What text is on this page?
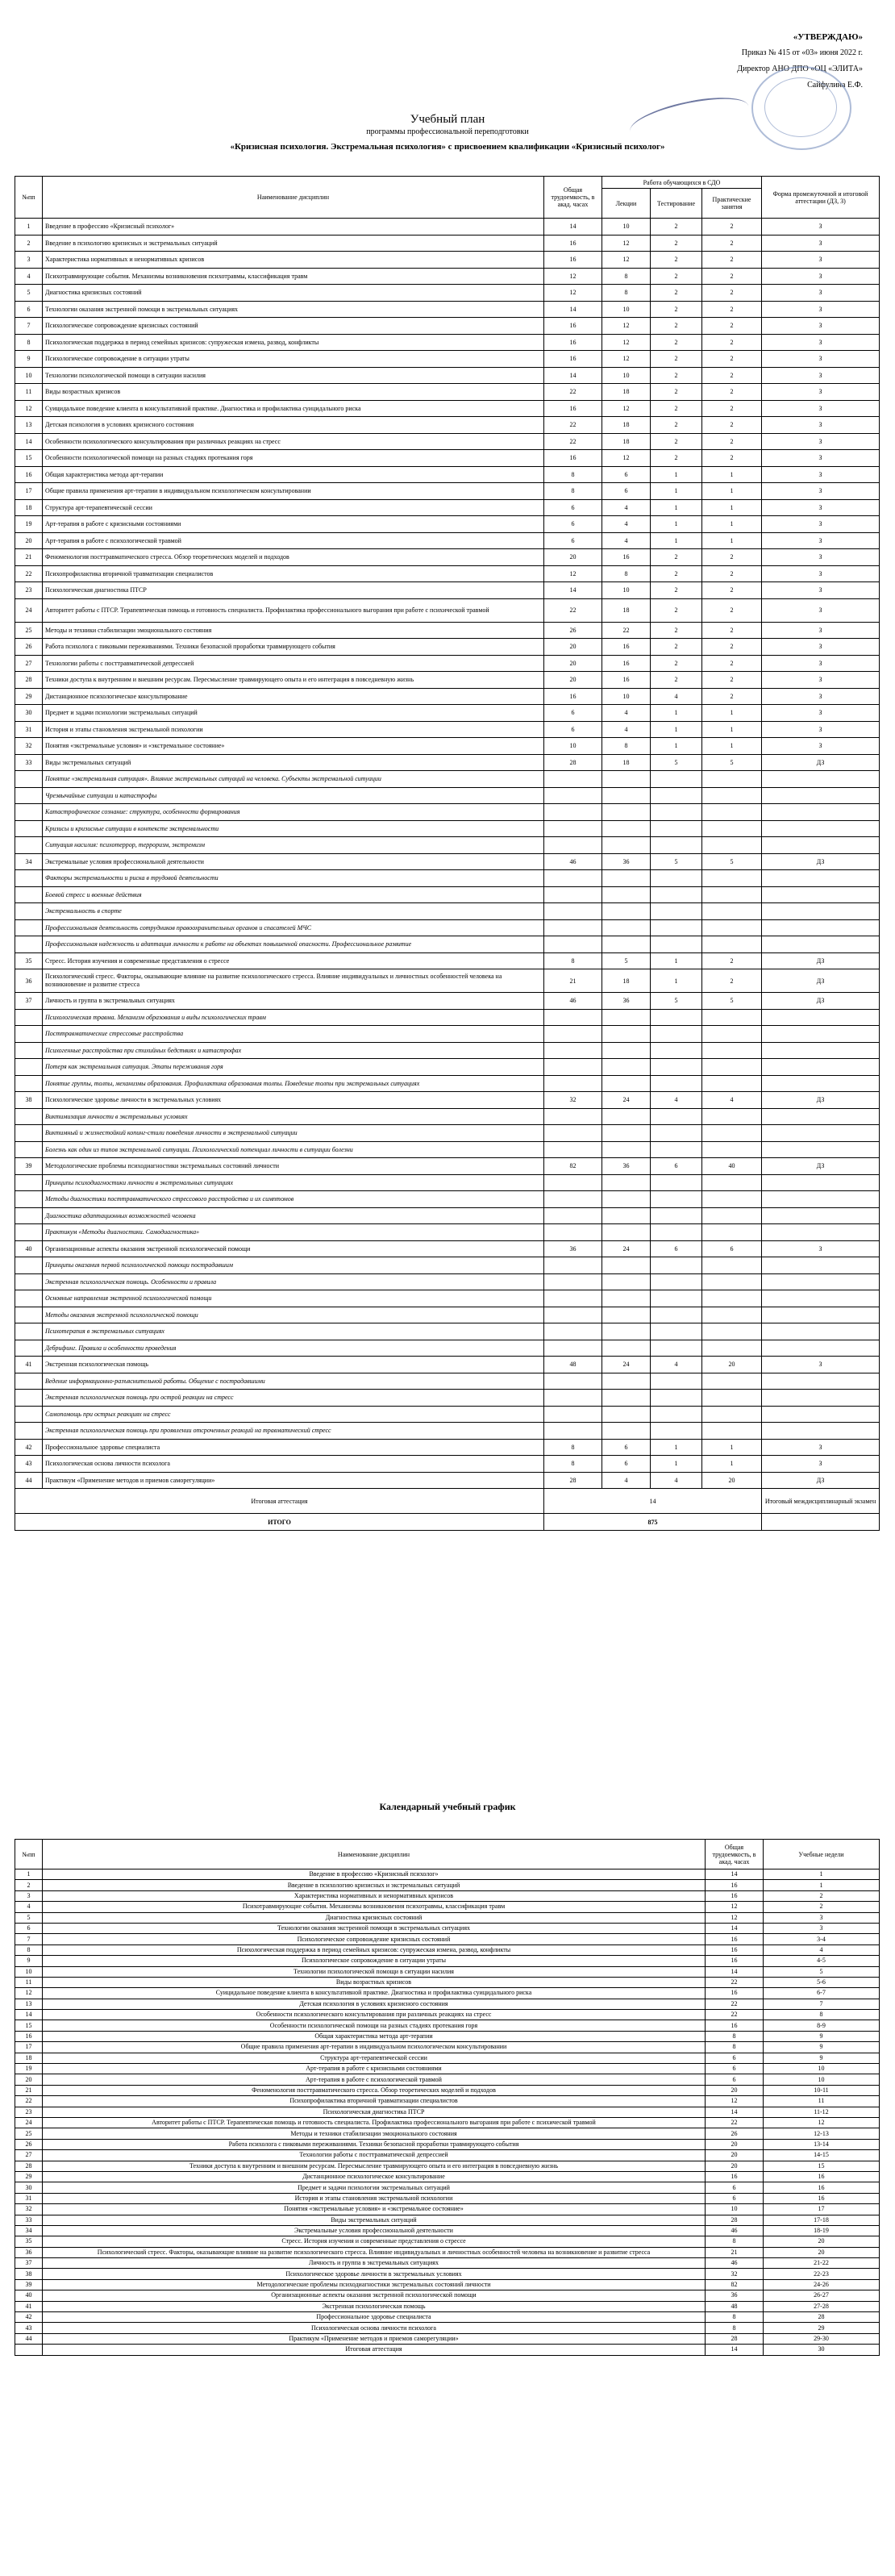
«УТВЕРЖДАЮ»
Приказ № 415 от «03» июня 2022 г.
Директор АНО ДПО «ОЦ «ЭЛИТА»
Сайфулина Е.Ф.
Учебный план
программы профессиональной переподготовки
«Кризисная психология. Экстремальная психология» с присвоением квалификации «Кризисный психолог»
№пп	Наименование дисциплин	Общая трудоемкость, в акад. часах	Работа обучающихся в СДО			Форма промежуточной и итоговой аттестации (ДЗ, З)
			Лекции	Тестирование	Практические занятия	
1	Введение в профессию «Кризисный психолог»	14	10	2	2	З
2	Введение в психологию кризисных и экстремальных ситуаций	16	12	2	2	З
3	Характеристика нормативных и ненормативных кризисов	16	12	2	2	З
4	Психотравмирующие события. Механизмы возникновения психотравмы, классификация травм	12	8	2	2	З
5	Диагностика кризисных состояний	12	8	2	2	З
6	Технологии оказания экстренной помощи в экстремальных ситуациях	14	10	2	2	З
7	Психологическое сопровождение кризисных состояний	16	12	2	2	З
8	Психологическая поддержка в период семейных кризисов: супружеская измена, развод, конфликты	16	12	2	2	З
9	Психологическое сопровождение в ситуации утраты	16	12	2	2	З
10	Технологии психологической помощи в ситуации насилия	14	10	2	2	З
11	Виды возрастных кризисов	22	18	2	2	З
12	Суицидальное поведение клиента в консультативной практике. Диагностика и профилактика суицидального риска	16	12	2	2	З
13	Детская психология в условиях кризисного состояния	22	18	2	2	З
14	Особенности психологического консультирования при различных реакциях на стресс	22	18	2	2	З
15	Особенности психологической помощи на разных стадиях протекания горя	16	12	2	2	З
16	Общая характеристика метода арт-терапии	8	6	1	1	З
17	Общие правила применения арт-терапии в индивидуальном психологическом консультировании	8	6	1	1	З
18	Структура арт-терапевтической сессии	6	4	1	1	З
19	Арт-терапия в работе с кризисными состояниями	6	4	1	1	З
20	Арт-терапия в работе с психологической травмой	6	4	1	1	З
21	Феноменология посттравматического стресса. Обзор теоретических моделей и подходов	20	16	2	2	З
22	Психопрофилактика вторичной травматизации специалистов	12	8	2	2	З
23	Психологическая диагностика ПТСР	14	10	2	2	З
24	Авторитет работы с ПТСР. Терапевтическая помощь и готовность специалиста. Профилактика профессионального выгорания при работе с психической травмой	22	18	2	2	З
25	Методы и техники стабилизации эмоционального состояния	26	22	2	2	З
26	Работа психолога с пиковыми переживаниями. Техники безопасной проработки травмирующего события	20	16	2	2	З
27	Технологии работы с посттравматической депрессией	20	16	2	2	З
28	Техники доступа к внутренним и внешним ресурсам. Пересмысление травмирующего опыта и его интеграция в повседневную жизнь	20	16	2	2	З
29	Дистанционное психологическое консультирование	16	10	4	2	З
30	Предмет и задачи психологии экстремальных ситуаций	6	4	1	1	З
31	История и этапы становления экстремальной психологии	6	4	1	1	З
32	Понятия «экстремальные условия» и «экстремальное состояние»	10	8	1	1	З
33	Виды экстремальных ситуаций	28	18	5	5	ДЗ
	Понятие «экстремальная ситуация». Влияние экстремальных ситуаций на человека. Субъекты экстремальной ситуации					
	Чрезвычайные ситуации и катастрофы					
	Катастрофическое сознание: структура, особенности формирования					
	Кризисы и кризисные ситуации в контексте экстремальности					
	Ситуация насилия: психотеррор, терроризм, экстремизм					
34	Экстремальные условия профессиональной деятельности	46	36	5	5	ДЗ
	Факторы экстремальности и риска в трудовой деятельности					
	Боевой стресс и военные действия					
	Экстремальность в спорте					
	Профессиональная деятельность сотрудников правоохранительных органов и спасателей МЧС					
	Профессиональная надежность и адаптация личности к работе на объектах повышенной опасности. Профессиональное развитие					
35	Стресс. История изучения и современные представления о стрессе	8	5	1	2	ДЗ
36	Психологический стресс. Факторы, оказывающие влияние на развитие психологического стресса. Влияние индивидуальных и личностных особенностей человека на возникновение и развитие стресса	21	18	1	2	ДЗ
37	Личность и группа в экстремальных ситуациях	46	36	5	5	ДЗ
	Психологическая травма. Механизм образования и виды психологических травм					
	Посттравматические стрессовые расстройства					
	Психогенные расстройства при стихийных бедствиях и катастрофах					
	Потеря как экстремальная ситуация. Этапы переживания горя					
	Понятие группы, толпы, механизмы образования. Профилактика образования толпы. Поведение толпы при экстремальных ситуациях					
38	Психологическое здоровье личности в экстремальных условиях	32	24	4	4	ДЗ
	Виктимизация личности в экстремальных условиях					
	Виктимный и жизнестойкий копинг-стили поведения личности в экстремальной ситуации					
	Болезнь как один из типов экстремальной ситуации. Психологический потенциал личности в ситуации болезни					
39	Методологические проблемы психодиагностики экстремальных состояний личности	82	36	6	40	ДЗ
	Принципы психодиагностики личности в экстремальных ситуациях					
	Методы диагностики посттравматического стрессового расстройства и их симптомов					
	Диагностика адаптационных возможностей человека					
	Практикум «Методы диагностики. Самодиагностика»					
40	Организационные аспекты оказания экстренной психологической помощи	36	24	6	6	З
	Принципы оказания первой психологической помощи пострадавшим					
	Экстренная психологическая помощь. Особенности и правила					
	Основные направления экстренной психологической помощи					
	Методы оказания экстренной психологической помощи					
	Психотерапия в экстремальных ситуациях					
	Дебрифинг. Правила и особенности проведения					
41	Экстренная психологическая помощь	48	24	4	20	З
	Ведение информационно-разъяснительной работы. Общение с пострадавшими					
	Экстренная психологическая помощь при острой реакции на стресс					
	Самопомощь при острых реакциях на стресс					
	Экстренная психологическая помощь при проявлении отсроченных реакций на травматический стресс					
42	Профессиональное здоровье специалиста	8	6	1	1	З
43	Психологическая основа личности психолога	8	6	1	1	З
44	Практикум «Применение методов и приемов саморегуляции»	28	4	4	20	ДЗ
Итоговая аттестация		14				Итоговый междисциплинарный экзамен
ИТОГО		875				
Календарный учебный график
№пп	Наименование дисциплин	Общая трудоемкость, в акад. часах	Учебные недели
1	Введение в профессию «Кризисный психолог»	14	1
2	Введение в психологию кризисных и экстремальных ситуаций	16	1
3	Характеристика нормативных и ненормативных кризисов	16	2
4	Психотравмирующие события. Механизмы возникновения психотравмы, классификация травм	12	2
5	Диагностика кризисных состояний	12	3
6	Технологии оказания экстренной помощи в экстремальных ситуациях	14	3
7	Психологическое сопровождение кризисных состояний	16	3-4
8	Психологическая поддержка в период семейных кризисов: супружеская измена, развод, конфликты	16	4
9	Психологическое сопровождение в ситуации утраты	16	4-5
10	Технологии психологической помощи в ситуации насилия	14	5
11	Виды возрастных кризисов	22	5-6
12	Суицидальное поведение клиента в консультативной практике. Диагностика и профилактика суицидального риска	16	6-7
13	Детская психология в условиях кризисного состояния	22	7
14	Особенности психологического консультирования при различных реакциях на стресс	22	8
15	Особенности психологической помощи на разных стадиях протекания горя	16	8-9
16	Общая характеристика метода арт-терапии	8	9
17	Общие правила применения арт-терапии в индивидуальном психологическом консультировании	8	9
18	Структура арт-терапевтической сессии	6	9
19	Арт-терапия в работе с кризисными состояниями	6	10
20	Арт-терапия в работе с психологической травмой	6	10
21	Феноменология посттравматического стресса. Обзор теоретических моделей и подходов	20	10-11
22	Психопрофилактика вторичной травматизации специалистов	12	11
23	Психологическая диагностика ПТСР	14	11-12
24	Авторитет работы с ПТСР. Терапевтическая помощь и готовность специалиста. Профилактика профессионального выгорания при работе с психической травмой	22	12
25	Методы и техники стабилизации эмоционального состояния	26	12-13
26	Работа психолога с пиковыми переживаниями. Техники безопасной проработки травмирующего события	20	13-14
27	Технологии работы с посттравматической депрессией	20	14-15
28	Техники доступа к внутренним и внешним ресурсам. Пересмысление травмирующего опыта и его интеграция в повседневную жизнь	20	15
29	Дистанционное психологическое консультирование	16	16
30	Предмет и задачи психологии экстремальных ситуаций	6	16
31	История и этапы становления экстремальной психологии	6	16
32	Понятия «экстремальные условия» и «экстремальное состояние»	10	17
33	Виды экстремальных ситуаций	28	17-18
34	Экстремальные условия профессиональной деятельности	46	18-19
35	Стресс. История изучения и современные представления о стрессе	8	20
36	Психологический стресс. Факторы, оказывающие влияние на развитие психологического стресса. Влияние индивидуальных и личностных особенностей человека на возникновение и развитие стресса	21	20
37	Личность и группа в экстремальных ситуациях	46	21-22
38	Психологическое здоровье личности в экстремальных условиях	32	22-23
39	Методологические проблемы психодиагностики экстремальных состояний личности	82	24-26
40	Организационные аспекты оказания экстренной психологической помощи	36	26-27
41	Экстренная психологическая помощь	48	27-28
42	Профессиональное здоровье специалиста	8	28
43	Психологическая основа личности психолога	8	29
44	Практикум «Применение методов и приемов саморегуляции»	28	29-30
	Итоговая аттестация	14	30
